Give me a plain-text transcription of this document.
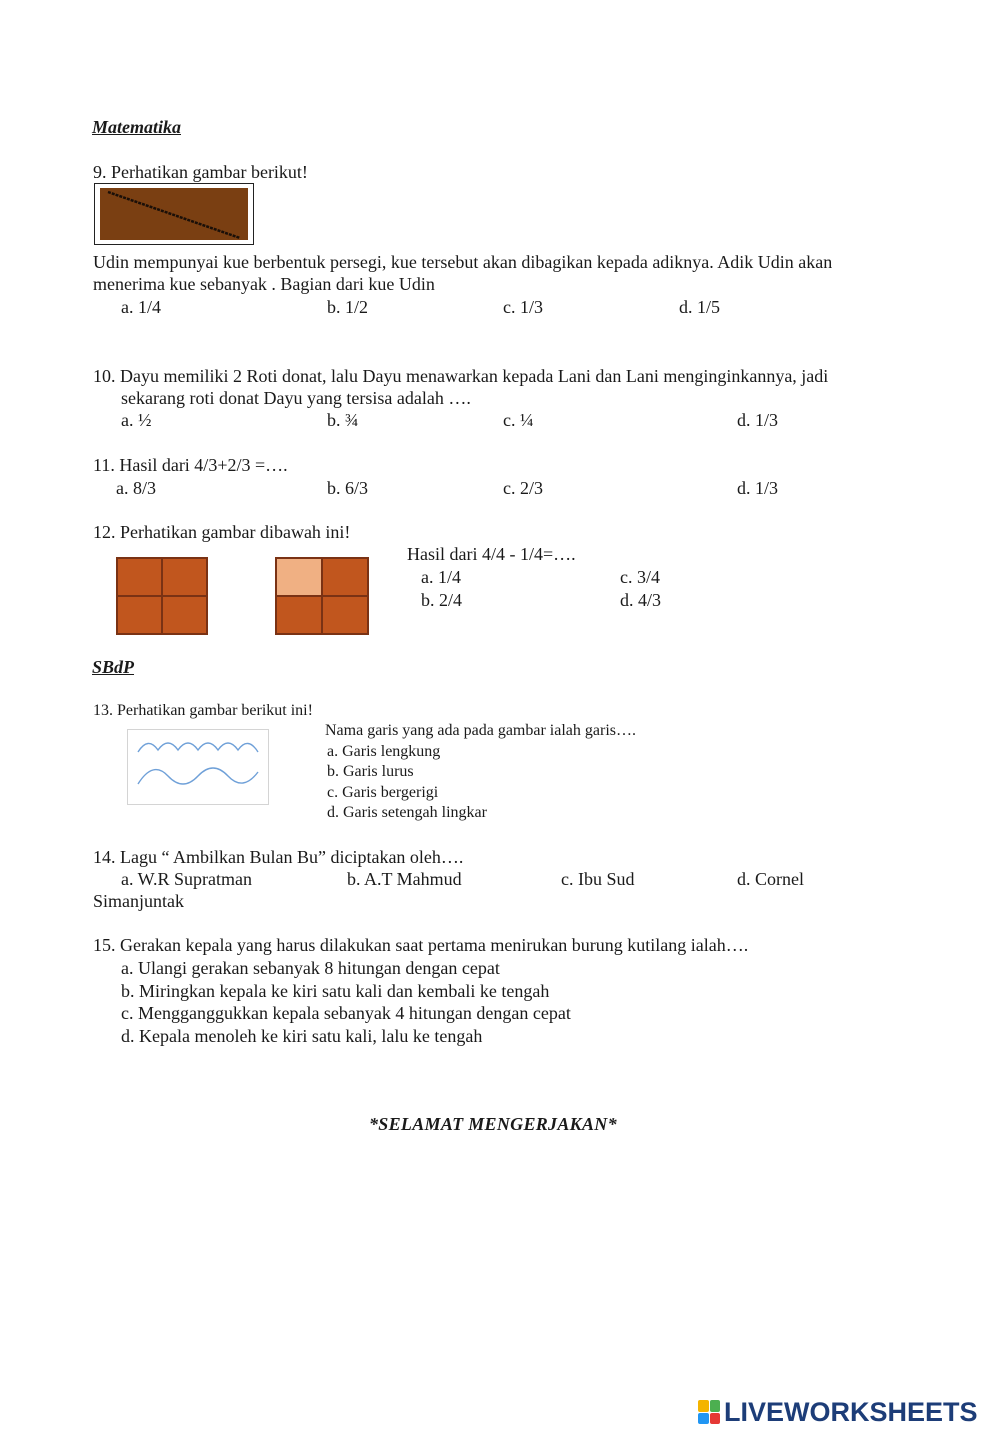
Matematika
9. Perhatikan gambar berikut!
Udin mempunyai kue berbentuk persegi, kue tersebut akan dibagikan kepada adiknya. Adik Udin akan
menerima kue sebanyak . Bagian dari kue Udin
a. 1/4	b. 1/2	c. 1/3	d. 1/5
10. Dayu memiliki 2 Roti donat, lalu Dayu menawarkan kepada Lani dan Lani menginginkannya, jadi
sekarang roti donat Dayu yang tersisa adalah ….
a. ½	b. ¾	c. ¼	d. 1/3
11. Hasil dari 4/3+2/3 =….
a. 8/3	b. 6/3	c. 2/3	d. 1/3
12. Perhatikan gambar dibawah ini!
Hasil dari 4/4 - 1/4=….
a. 1/4	c. 3/4
b. 2/4	d. 4/3
SBdP
13. Perhatikan gambar berikut ini!
Nama garis yang ada pada gambar ialah garis….
a. Garis lengkung
b. Garis lurus
c. Garis bergerigi
d. Garis setengah lingkar
14. Lagu “ Ambilkan Bulan Bu” diciptakan oleh….
a. W.R Supratman	b. A.T Mahmud	c. Ibu Sud	d. Cornel
Simanjuntak
15. Gerakan kepala yang harus dilakukan saat pertama menirukan burung kutilang ialah….
a. Ulangi gerakan sebanyak 8 hitungan dengan cepat
b. Miringkan kepala ke kiri satu kali dan kembali ke tengah
c. Mengganggukkan kepala sebanyak 4 hitungan dengan cepat
d. Kepala menoleh ke kiri satu kali, lalu ke tengah
*SELAMAT MENGERJAKAN*
LIVEWORKSHEETS
